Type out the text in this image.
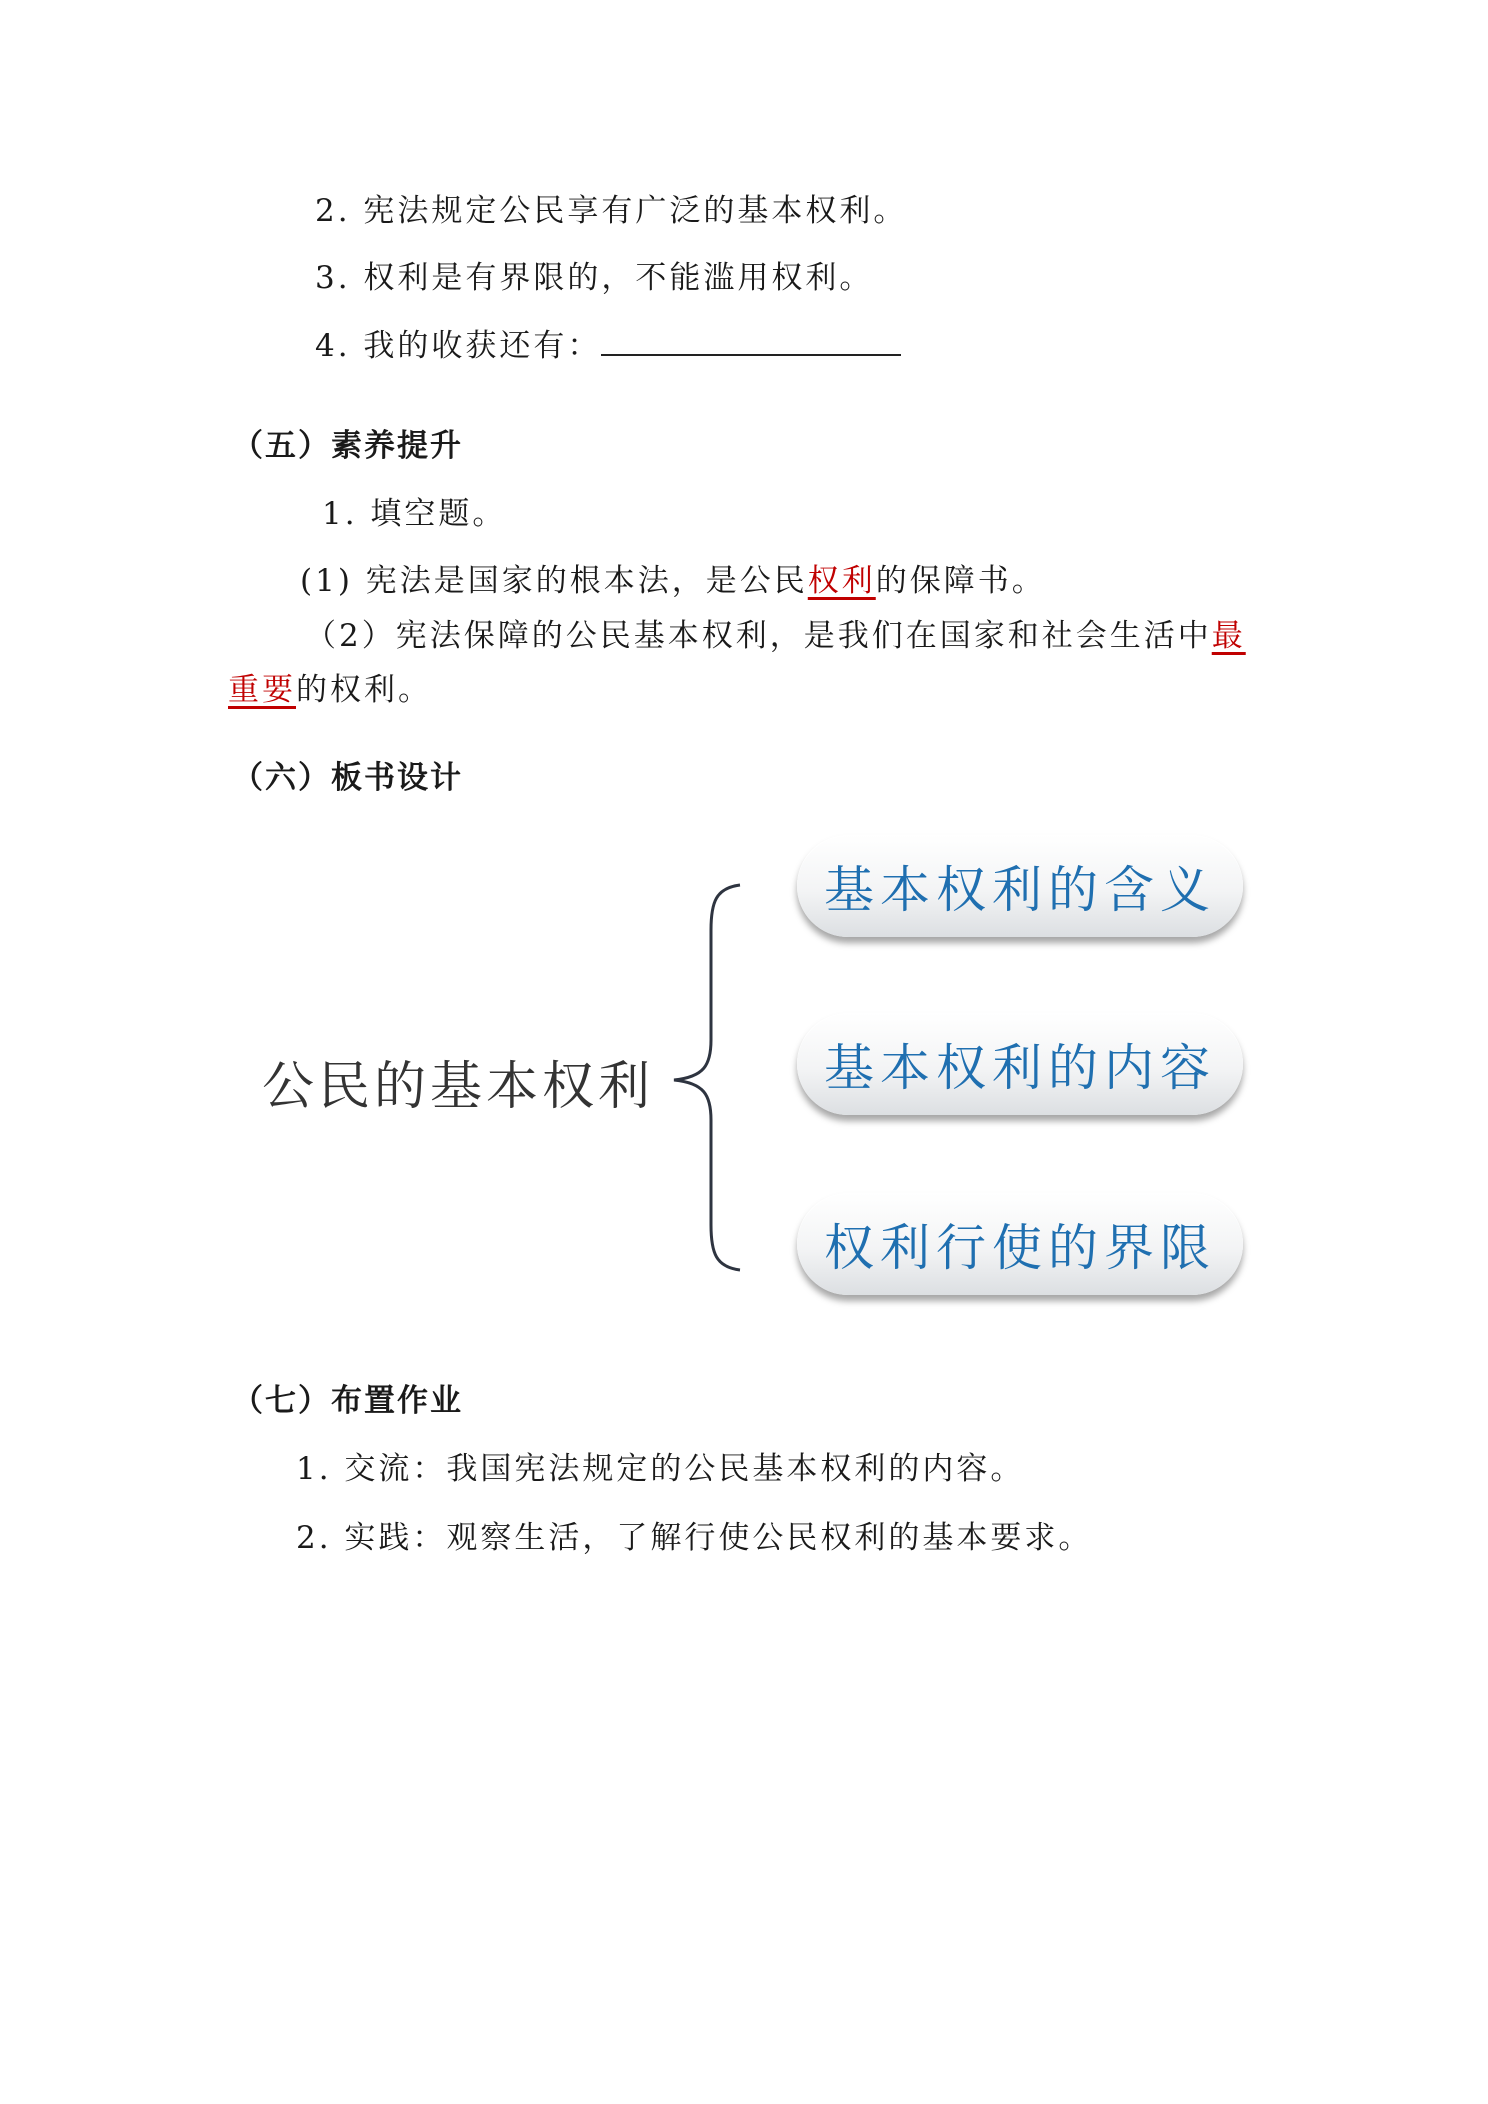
2. 宪法规定公民享有广泛的基本权利。
3. 权利是有界限的，不能滥用权利。
4. 我的收获还有：
（五）素养提升
1. 填空题。
(1) 宪法是国家的根本法，是公民权利的保障书。
（2）宪法保障的公民基本权利，是我们在国家和社会生活中最
重要的权利。
（六）板书设计
公民的基本权利
基本权利的含义
基本权利的内容
权利行使的界限
（七）布置作业
1. 交流：我国宪法规定的公民基本权利的内容。
2. 实践：观察生活，了解行使公民权利的基本要求。
